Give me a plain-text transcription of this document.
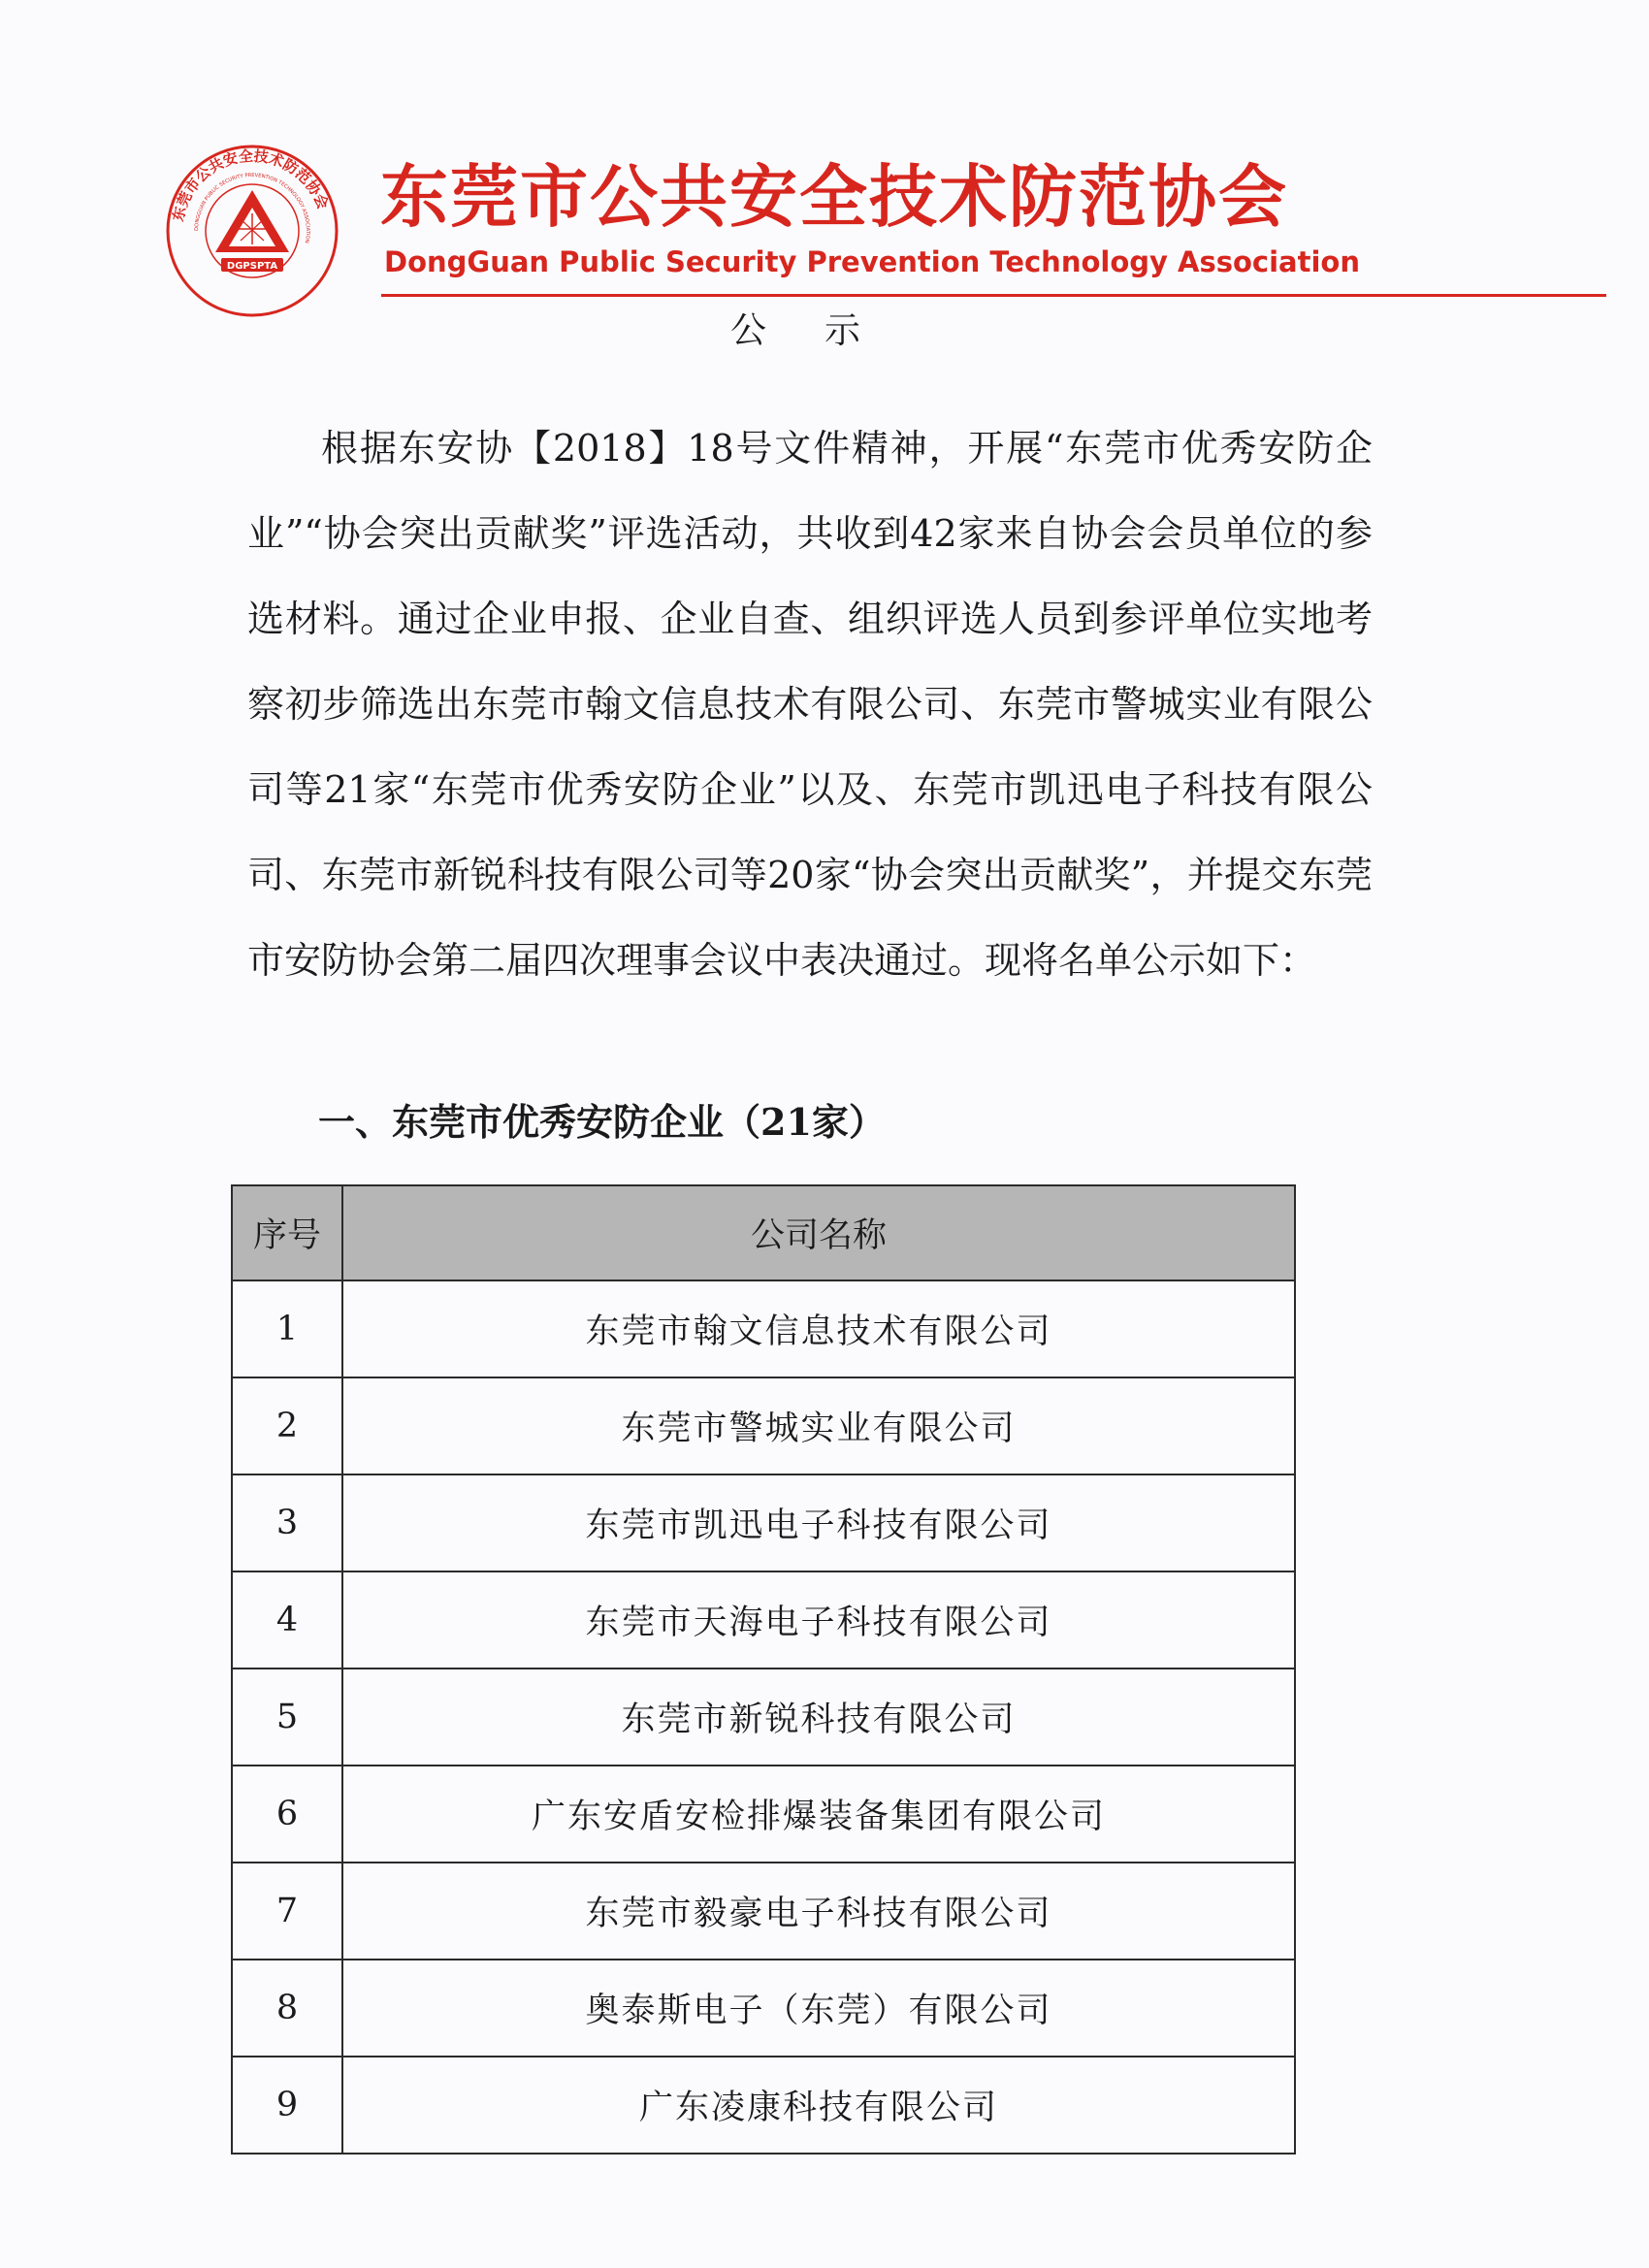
东莞市公共安全技术防范协会
DONGGUAN PUBLIC SECURITY PREVENTION TECHNOLOGY ASSOCIATION
DGPSPTA
东莞市公共安全技术防范协会
DongGuan Public Security Prevention Technology Association
公示

根据东安协【2018】18号文件精神，开展“东莞市优秀安防企业”“协会突出贡献奖”评选活动，共收到42家来自协会会员单位的参选材料。通过企业申报、企业自查、组织评选人员到参评单位实地考察初步筛选出东莞市翰文信息技术有限公司、东莞市警城实业有限公司等21家“东莞市优秀安防企业”以及、东莞市凯迅电子科技有限公司、东莞市新锐科技有限公司等20家“协会突出贡献奖”，并提交东莞市安防协会第二届四次理事会议中表决通过。现将名单公示如下：

一、东莞市优秀安防企业（21家）
序号	公司名称
1	东莞市翰文信息技术有限公司
2	东莞市警城实业有限公司
3	东莞市凯迅电子科技有限公司
4	东莞市天海电子科技有限公司
5	东莞市新锐科技有限公司
6	广东安盾安检排爆装备集团有限公司
7	东莞市毅豪电子科技有限公司
8	奥泰斯电子（东莞）有限公司
9	广东凌康科技有限公司
